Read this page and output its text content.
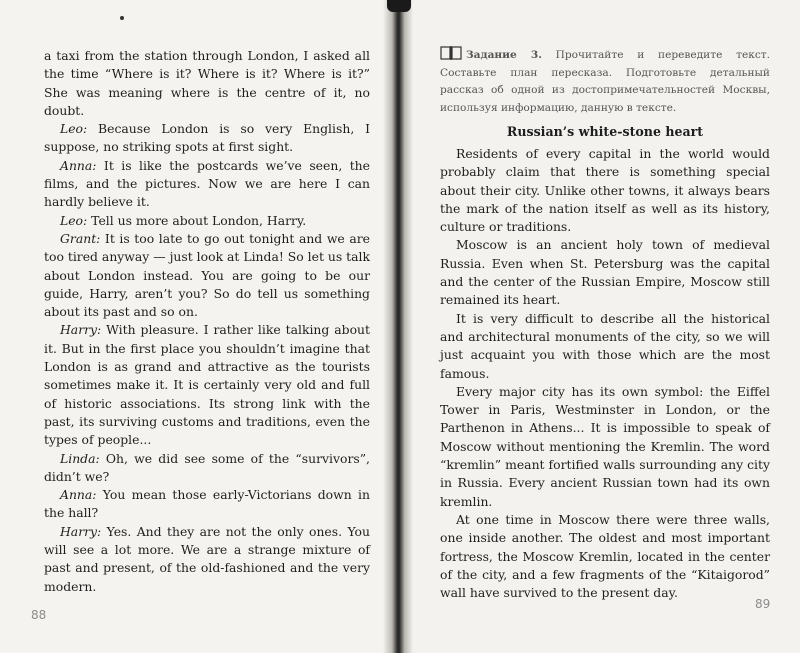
a taxi from the station through London, I asked all the time “Where is it? Where is it? Where is it?” She was meaning where is the centre of it, no doubt.

Leo: Because London is so very English, I suppose, no striking spots at first sight.

Anna: It is like the postcards we’ve seen, the films, and the pictures. Now we are here I can hardly believe it.

Leo: Tell us more about London, Harry.

Grant: It is too late to go out tonight and we are too tired anyway — just look at Linda! So let us talk about London instead. You are going to be our guide, Harry, aren’t you? So do tell us something about its past and so on.

Harry: With pleasure. I rather like talking about it. But in the first place you shouldn’t imagine that London is as grand and attractive as the tourists sometimes make it. It is certainly very old and full of historic associations. Its strong link with the past, its surviving customs and traditions, even the types of people...

Linda: Oh, we did see some of the “survivors”, didn’t we?

Anna: You mean those early-Victorians down in the hall?

Harry: Yes. And they are not the only ones. You will see a lot more. We are a strange mixture of past and present, of the old-fashioned and the very modern.

88

Задание 3. Прочитайте и переведите текст. Составьте план пересказа. Подготовьте детальный рассказ об одной из достопримечательностей Москвы, используя информацию, данную в тексте.

Russian’s white-stone heart

Residents of every capital in the world would probably claim that there is something special about their city. Unlike other towns, it always bears the mark of the nation itself as well as its history, culture or traditions.

Moscow is an ancient holy town of medieval Russia. Even when St. Petersburg was the capital and the center of the Russian Empire, Moscow still remained its heart.

It is very difficult to describe all the historical and architectural monuments of the city, so we will just acquaint you with those which are the most famous.

Every major city has its own symbol: the Eiffel Tower in Paris, Westminster in London, or the Parthenon in Athens... It is impossible to speak of Moscow without mentioning the Kremlin. The word “kremlin” meant fortified walls surrounding any city in Russia. Every ancient Russian town had its own kremlin.

At one time in Moscow there were three walls, one inside another. The oldest and most important fortress, the Moscow Kremlin, located in the center of the city, and a few fragments of the “Kitaigorod” wall have survived to the present day.

89
